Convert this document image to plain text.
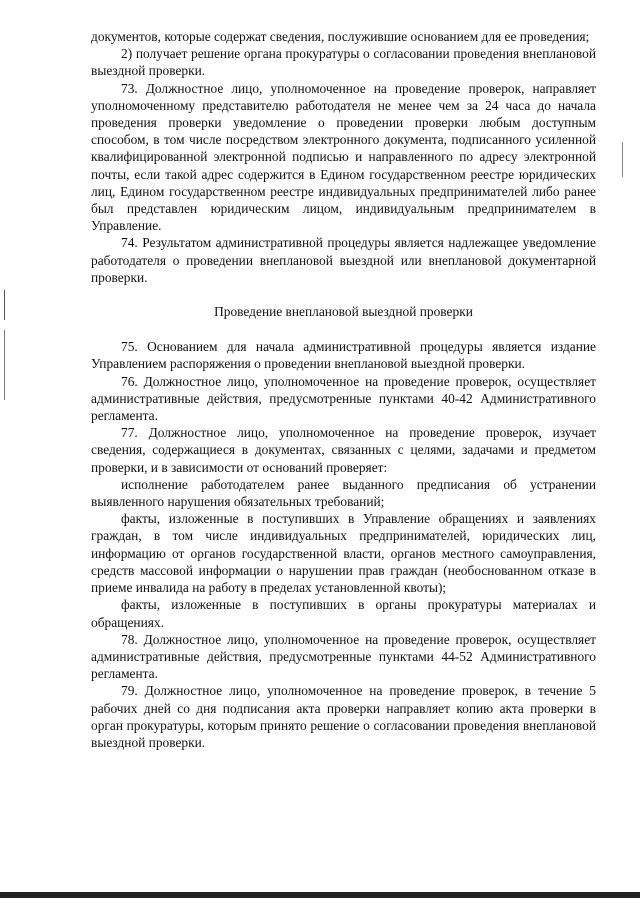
документов, которые содержат сведения, послужившие основанием для ее проведения;

2) получает решение органа прокуратуры о согласовании проведения внеплановой выездной проверки.

73. Должностное лицо, уполномоченное на проведение проверок, направляет уполномоченному представителю работодателя не менее чем за 24 часа до начала проведения проверки уведомление о проведении проверки любым доступным способом, в том числе посредством электронного документа, подписанного усиленной квалифицированной электронной подписью и направленного по адресу электронной почты, если такой адрес содержится в Едином государственном реестре юридических лиц, Едином государственном реестре индивидуальных предпринимателей либо ранее был представлен юридическим лицом, индивидуальным предпринимателем в Управление.

74. Результатом административной процедуры является надлежащее уведомление работодателя о проведении внеплановой выездной или внеплановой документарной проверки.

Проведение внеплановой выездной проверки

75. Основанием для начала административной процедуры является издание Управлением распоряжения о проведении внеплановой выездной проверки.

76. Должностное лицо, уполномоченное на проведение проверок, осуществляет административные действия, предусмотренные пунктами 40-42 Административного регламента.

77. Должностное лицо, уполномоченное на проведение проверок, изучает сведения, содержащиеся в документах, связанных с целями, задачами и предметом проверки, и в зависимости от оснований проверяет:

исполнение работодателем ранее выданного предписания об устранении выявленного нарушения обязательных требований;

факты, изложенные в поступивших в Управление обращениях и заявлениях граждан, в том числе индивидуальных предпринимателей, юридических лиц, информацию от органов государственной власти, органов местного самоуправления, средств массовой информации о нарушении прав граждан (необоснованном отказе в приеме инвалида на работу в пределах установленной квоты);

факты, изложенные в поступивших в органы прокуратуры материалах и обращениях.

78. Должностное лицо, уполномоченное на проведение проверок, осуществляет административные действия, предусмотренные пунктами 44-52 Административного регламента.

79. Должностное лицо, уполномоченное на проведение проверок, в течение 5 рабочих дней со дня подписания акта проверки направляет копию акта проверки в орган прокуратуры, которым принято решение о согласовании проведения внеплановой выездной проверки.
